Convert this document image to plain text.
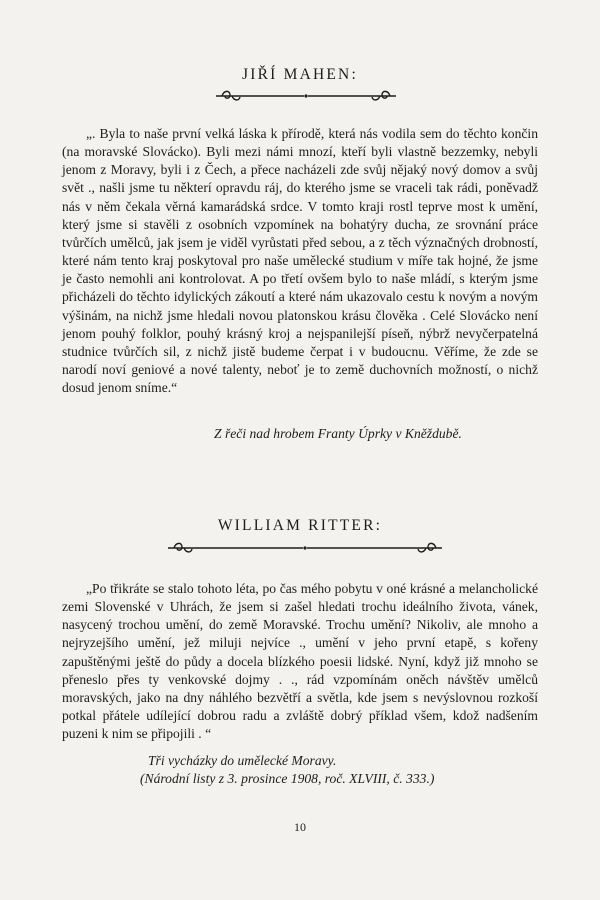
JIŘÍ MAHEN:

„. Byla to naše první velká láska k přírodě, která nás vodila sem do těchto končin (na moravské Slovácko). Byli mezi námi mnozí, kteří byli vlastně bezzemky, nebyli jenom z Moravy, byli i z Čech, a přece nacházeli zde svůj nějaký nový domov a svůj svět ., našli jsme tu některí opravdu ráj, do kterého jsme se vraceli tak rádi, poněvadž nás v něm čekala věrná kamarádská srdce. V tomto kraji rostl teprve most k umění, který jsme si stavěli z osobních vzpomínek na bohatýry ducha, ze srovnání práce tvůrčích umělců, jak jsem je viděl vyrůstati před sebou, a z těch význačných drobností, které nám tento kraj poskytoval pro naše umělecké studium v míře tak hojné, že jsme je často nemohli ani kontrolovat. A po třetí ovšem bylo to naše mládí, s kterým jsme přicházeli do těchto idylických zákoutí a které nám ukazovalo cestu k novým a novým výšinám, na nichž jsme hledali novou platonskou krásu člověka . Celé Slovácko není jenom pouhý folklor, pouhý krásný kroj a nejspanilejší píseň, nýbrž nevyčerpatelná studnice tvůrčích sil, z nichž jistě budeme čerpat i v budoucnu. Věříme, že zde se narodí noví geniové a nové talenty, neboť je to země duchovních možností, o nichž dosud jenom sníme.“

Z řeči nad hrobem Franty Úprky v Kněždubě.
WILLIAM RITTER:

„Po třikráte se stalo tohoto léta, po čas mého pobytu v oné krásné a melancholické zemi Slovenské v Uhrách, že jsem si zašel hledati trochu ideálního života, vánek, nasycený trochou umění, do země Moravské. Trochu umění? Nikoliv, ale mnoho a nejryzejšího umění, jež miluji nejvíce ., umění v jeho první etapě, s kořeny zapuštěnými ještě do půdy a docela blízkého poesii lidské. Nyní, když již mnoho se přeneslo přes ty venkovské dojmy . ., rád vzpomínám oněch návštěv umělců moravských, jako na dny náhlého bezvětří a světla, kde jsem s nevýslovnou rozkoší potkal přátele udílející dobrou radu a zvláště dobrý příklad všem, kdož nadšením puzeni k nim se připojili . “

Tři vycházky do umělecké Moravy.
(Národní listy z 3. prosince 1908, roč. XLVIII, č. 333.)
10
